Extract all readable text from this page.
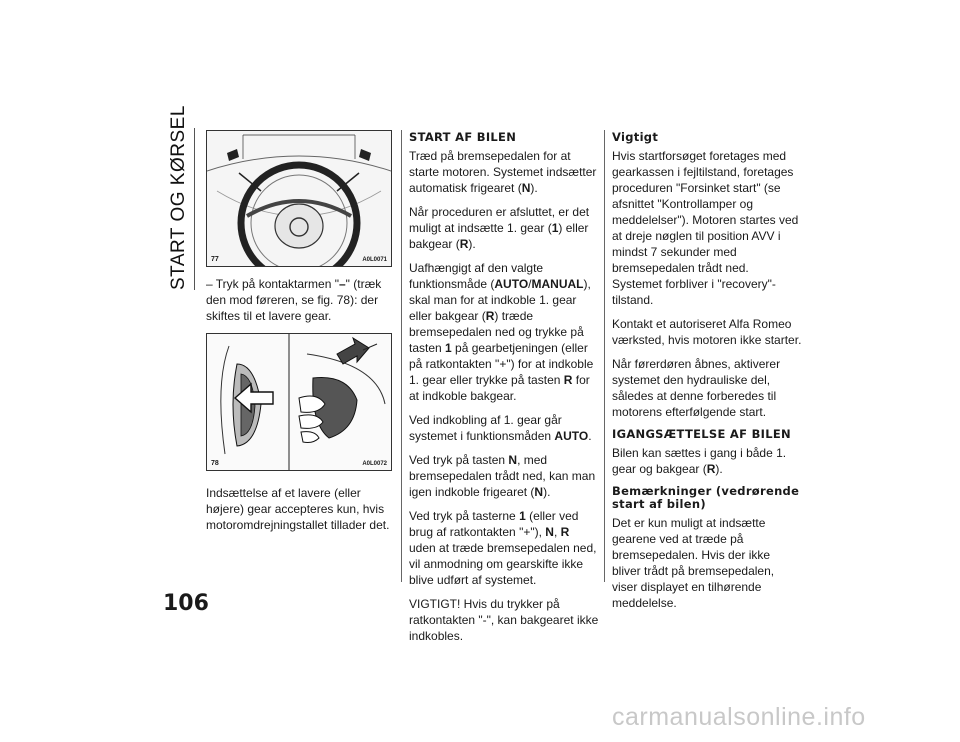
START OG KØRSEL	77	A0L0071

– Tryk på kontaktarmen "–" (træk den mod føreren, se fig. 78): der skiftes til et lavere gear.

78	A0L0072

Indsættelse af et lavere (eller højere) gear accepteres kun, hvis motoromdrejningstallet tillader det.

START AF BILEN

Træd på bremsepedalen for at starte motoren. Systemet indsætter automatisk frigearet (N).

Når proceduren er afsluttet, er det muligt at indsætte 1. gear (1) eller bakgear (R).

Uafhængigt af den valgte funktionsmåde (AUTO/MANUAL), skal man for at indkoble 1. gear eller bakgear (R) træde bremsepedalen ned og trykke på tasten 1 på gearbetjeningen (eller på ratkontakten "+") for at indkoble 1. gear eller trykke på tasten R for at indkoble bakgear.

Ved indkobling af 1. gear går systemet i funktionsmåden AUTO.

Ved tryk på tasten N, med bremsepedalen trådt ned, kan man igen indkoble frigearet (N).

Ved tryk på tasterne 1 (eller ved brug af ratkontakten "+"), N, R uden at træde bremsepedalen ned, vil anmodning om gearskifte ikke blive udført af systemet.

VIGTIGT! Hvis du trykker på ratkontakten "-", kan bakgearet ikke indkobles.

Vigtigt

Hvis startforsøget foretages med gearkassen i fejltilstand, foretages proceduren "Forsinket start" (se afsnittet "Kontrollamper og meddelelser"). Motoren startes ved at dreje nøglen til position AVV i mindst 7 sekunder med bremsepedalen trådt ned. Systemet forbliver i "recovery"-tilstand.

Kontakt et autoriseret Alfa Romeo værksted, hvis motoren ikke starter.

Når førerdøren åbnes, aktiverer systemet den hydrauliske del, således at denne forberedes til motorens efterfølgende start.

IGANGSÆTTELSE AF BILEN

Bilen kan sættes i gang i både 1. gear og bakgear (R).

Bemærkninger (vedrørende start af bilen)

Det er kun muligt at indsætte gearene ved at træde på bremsepedalen. Hvis der ikke bliver trådt på bremsepedalen, viser displayet en tilhørende meddelelse.

106
carmanualsonline.info
